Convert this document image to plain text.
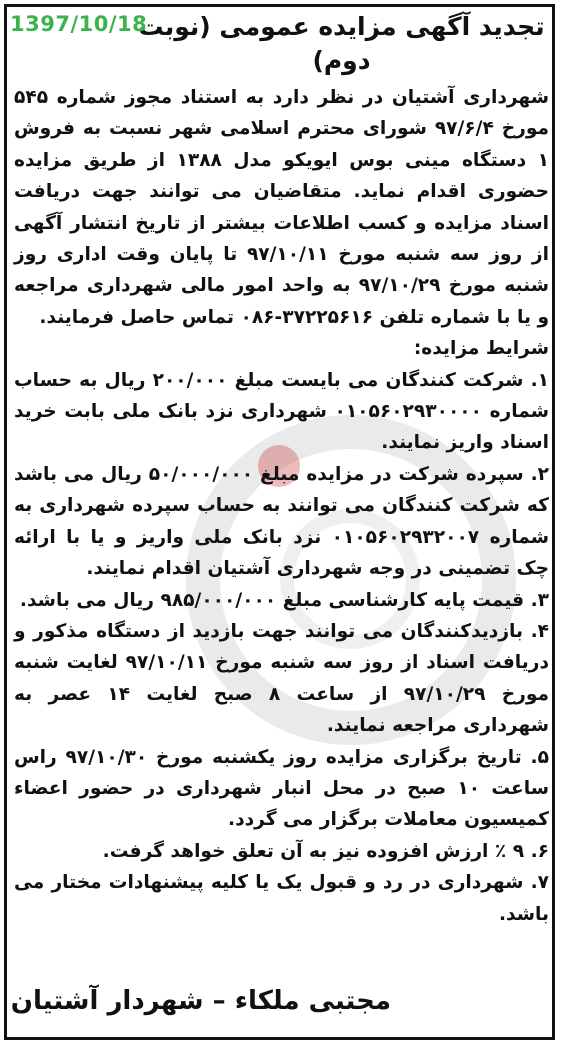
1397/10/18
تجدید آگهی مزایده عمومی (نوبت دوم)

شهرداری آشتیان در نظر دارد به استناد مجوز شماره ۵۴۵ مورخ ۹۷/۶/۴ شورای محترم اسلامی شهر نسبت به فروش ۱ دستگاه مینی بوس ایویکو مدل ۱۳۸۸ از طریق مزایده حضوری اقدام نماید. متقاضیان می توانند جهت دریافت اسناد مزایده و کسب اطلاعات بیشتر از تاریخ انتشار آگهی از روز سه شنبه مورخ ۹۷/۱۰/۱۱ تا پایان وقت اداری روز شنبه مورخ ۹۷/۱۰/۲۹ به واحد امور مالی شهرداری مراجعه و یا با شماره تلفن ۳۷۲۲۵۶۱۶-۰۸۶ تماس حاصل فرمایند.

شرایط مزایده:

۱. شرکت کنندگان می بایست مبلغ ۲۰۰/۰۰۰ ریال به حساب شماره ۰۱۰۵۶۰۲۹۳۰۰۰۰ شهرداری نزد بانک ملی بابت خرید اسناد واریز نمایند.

۲. سپرده شرکت در مزایده مبلغ ۵۰/۰۰۰/۰۰۰ ریال می باشد که شرکت کنندگان می توانند به حساب سپرده شهرداری به شماره ۰۱۰۵۶۰۲۹۳۲۰۰۷ نزد بانک ملی واریز و یا با ارائه چک تضمینی در وجه شهرداری آشتیان اقدام نمایند.

۳. قیمت پایه کارشناسی مبلغ ۹۸۵/۰۰۰/۰۰۰ ریال می باشد.

۴. بازدیدکنندگان می توانند جهت بازدید از دستگاه مذکور و دریافت اسناد از روز سه شنبه مورخ ۹۷/۱۰/۱۱ لغایت شنبه مورخ ۹۷/۱۰/۲۹ از ساعت ۸ صبح لغایت ۱۴ عصر به شهرداری مراجعه نمایند.

۵. تاریخ برگزاری مزایده روز یکشنبه مورخ ۹۷/۱۰/۳۰ راس ساعت ۱۰ صبح در محل انبار شهرداری در حضور اعضاء کمیسیون معاملات برگزار می گردد.

۶. ۹ ٪ ارزش افزوده نیز به آن تعلق خواهد گرفت.

۷. شهرداری در رد و قبول یک یا کلیه پیشنهادات مختار می باشد.

مجتبی ملکاء – شهردار آشتیان
